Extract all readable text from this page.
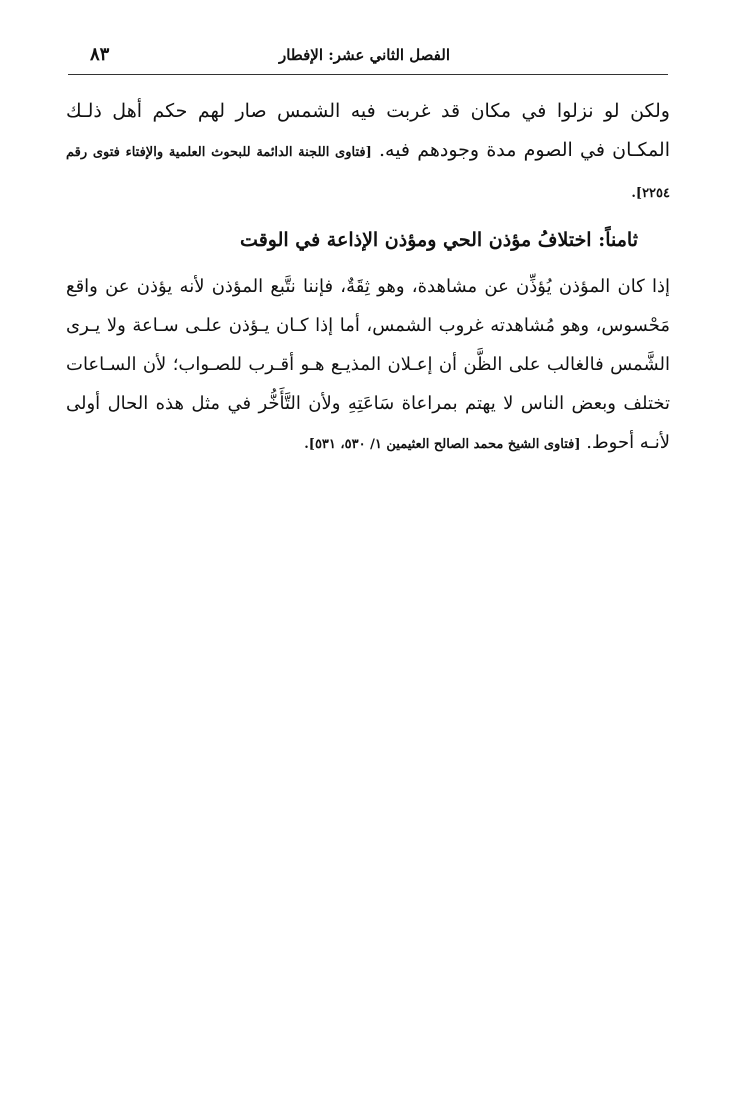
الفصل الثاني عشر: الإفطار
٨٣

ولكن لو نزلوا في مكان قد غربت فيه الشمس صار لهم حكم أهل ذلـك المكـان في الصوم مدة وجودهم فيه. [فتاوى اللجنة الدائمة للبحوث العلمية والإفتاء فتوى رقم ٢٢٥٤].

ثامناً: اختلافُ مؤذن الحي ومؤذن الإذاعة في الوقت

إذا كان المؤذن يُؤذِّن عن مشاهدة، وهو ثِقَةٌ، فإننا نتَّبع المؤذن لأنه يؤذن عن واقع مَحْسوس، وهو مُشاهدته غروب الشمس، أما إذا كـان يـؤذن علـى سـاعة ولا يـرى الشَّمس فالغالب على الظَّن أن إعـلان المذيـع هـو أقـرب للصـواب؛ لأن السـاعات تختلف وبعض الناس لا يهتم بمراعاة سَاعَتِهِ ولأن التَّأَخُّر في مثل هذه الحال أولى لأنـه أحوط. [فتاوى الشيخ محمد الصالح العثيمين ١/ ٥٣٠، ٥٣١].
